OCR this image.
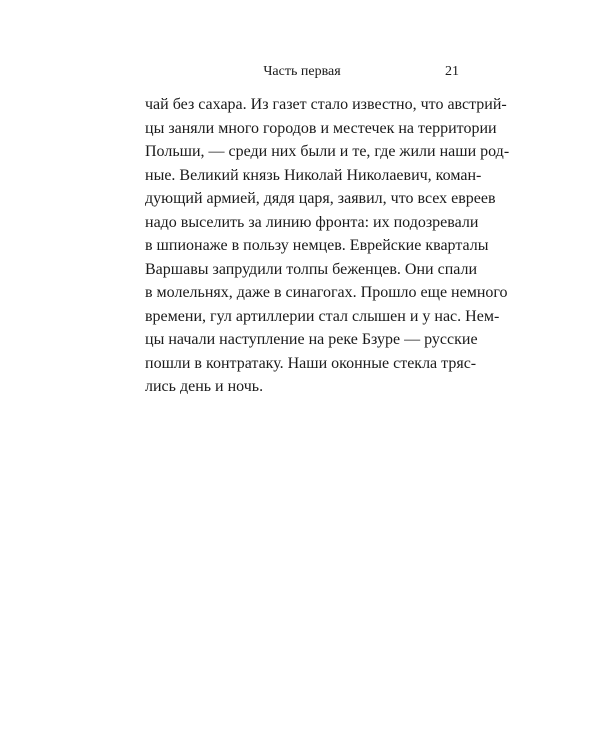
Часть первая	21
чай без сахара. Из газет стало известно, что австрий-
цы заняли много городов и местечек на территории
Польши, — среди них были и те, где жили наши род-
ные. Великий князь Николай Николаевич, коман-
дующий армией, дядя царя, заявил, что всех евреев
надо выселить за линию фронта: их подозревали
в шпионаже в пользу немцев. Еврейские кварталы
Варшавы запрудили толпы беженцев. Они спали
в молельнях, даже в синагогах. Прошло еще немного
времени, гул артиллерии стал слышен и у нас. Нем-
цы начали наступление на реке Бзуре — русские
пошли в контратаку. Наши оконные стекла тряс-
лись день и ночь.
